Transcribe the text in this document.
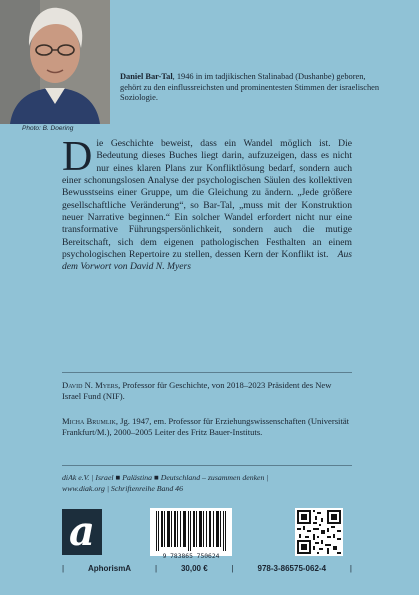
Photo: B. Doering
Daniel Bar-Tal, 1946 in im tadjikischen Stalinabad (Dushanbe) geboren, gehört zu den einflussreichsten und prominentesten Stimmen der israelischen Soziologie.
Die Geschichte beweist, dass ein Wandel möglich ist. Die Bedeutung dieses Buches liegt darin, aufzuzeigen, dass es nicht nur eines klaren Plans zur Konfliktlösung bedarf, sondern auch einer schonungslosen Analyse der psychologischen Säulen des kollektiven Bewusstseins einer Gruppe, um die Gleichung zu ändern. „Jede größere gesellschaftliche Veränderung“, so Bar-Tal, „muss mit der Konstruktion neuer Narrative beginnen.“ Ein solcher Wandel erfordert nicht nur eine transformative Führungspersönlichkeit, sondern auch die mutige Bereitschaft, sich dem eigenen pathologischen Festhalten an einem psychologischen Repertoire zu stellen, dessen Kern der Konflikt ist. Aus dem Vorwort von David N. Myers
David N. Myers, Professor für Geschichte, von 2018–2023 Präsident des New Israel Fund (NIF).
Micha Brumlik, Jg. 1947, em. Professor für Erziehungswissenschaften (Universität Frankfurt/M.), 2000–2005 Leiter des Fritz Bauer-Instituts.
diAk e.V. | Israel ■ Palästina ■ Deutschland – zusammen denken |
www.diak.org | Schriftenreihe Band 46
a
9 783865 750624
|	AphorismA	|	30,00 €	|	978-3-86575-062-4	|
